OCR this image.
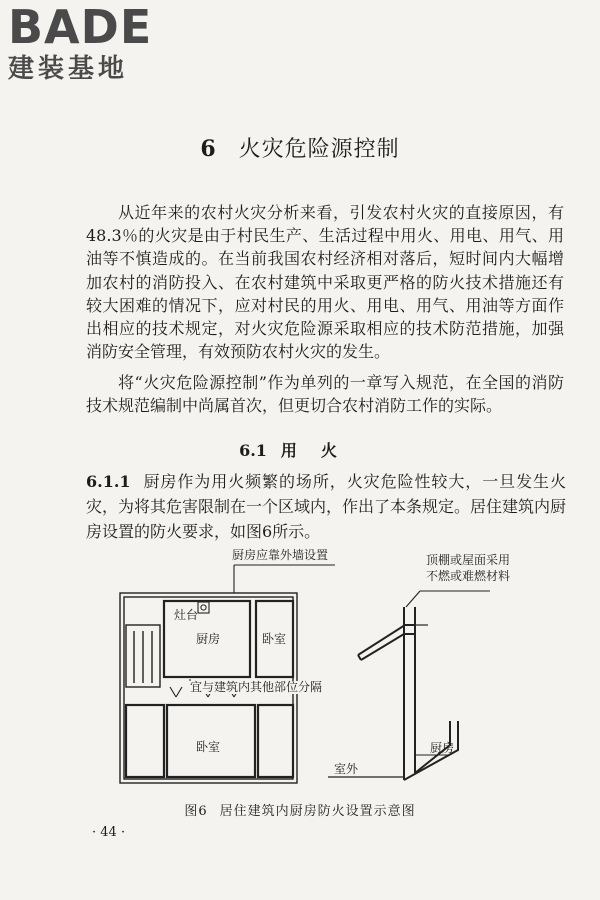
BADE
建装基地
6 火灾危险源控制

从近年来的农村火灾分析来看，引发农村火灾的直接原因，有48.3％的火灾是由于村民生产、生活过程中用火、用电、用气、用油等不慎造成的。在当前我国农村经济相对落后，短时间内大幅增加农村的消防投入、在农村建筑中采取更严格的防火技术措施还有较大困难的情况下，应对村民的用火、用电、用气、用油等方面作出相应的技术规定，对火灾危险源采取相应的技术防范措施，加强消防安全管理，有效预防农村火灾的发生。

将“火灾危险源控制”作为单列的一章写入规范，在全国的消防技术规范编制中尚属首次，但更切合农村消防工作的实际。

6.1 用火

6.1.1 厨房作为用火频繁的场所，火灾危险性较大，一旦发生火灾，为将其危害限制在一个区域内，作出了本条规定。居住建筑内厨房设置的防火要求，如图6所示。

厨房应靠外墙设置
灶台
厨房	卧室
宜与建筑内其他部位分隔
卧室
顶棚或屋面采用
不燃或难燃材料
厨房
室外
图6 居住建筑内厨房防火设置示意图
· 44 ·
